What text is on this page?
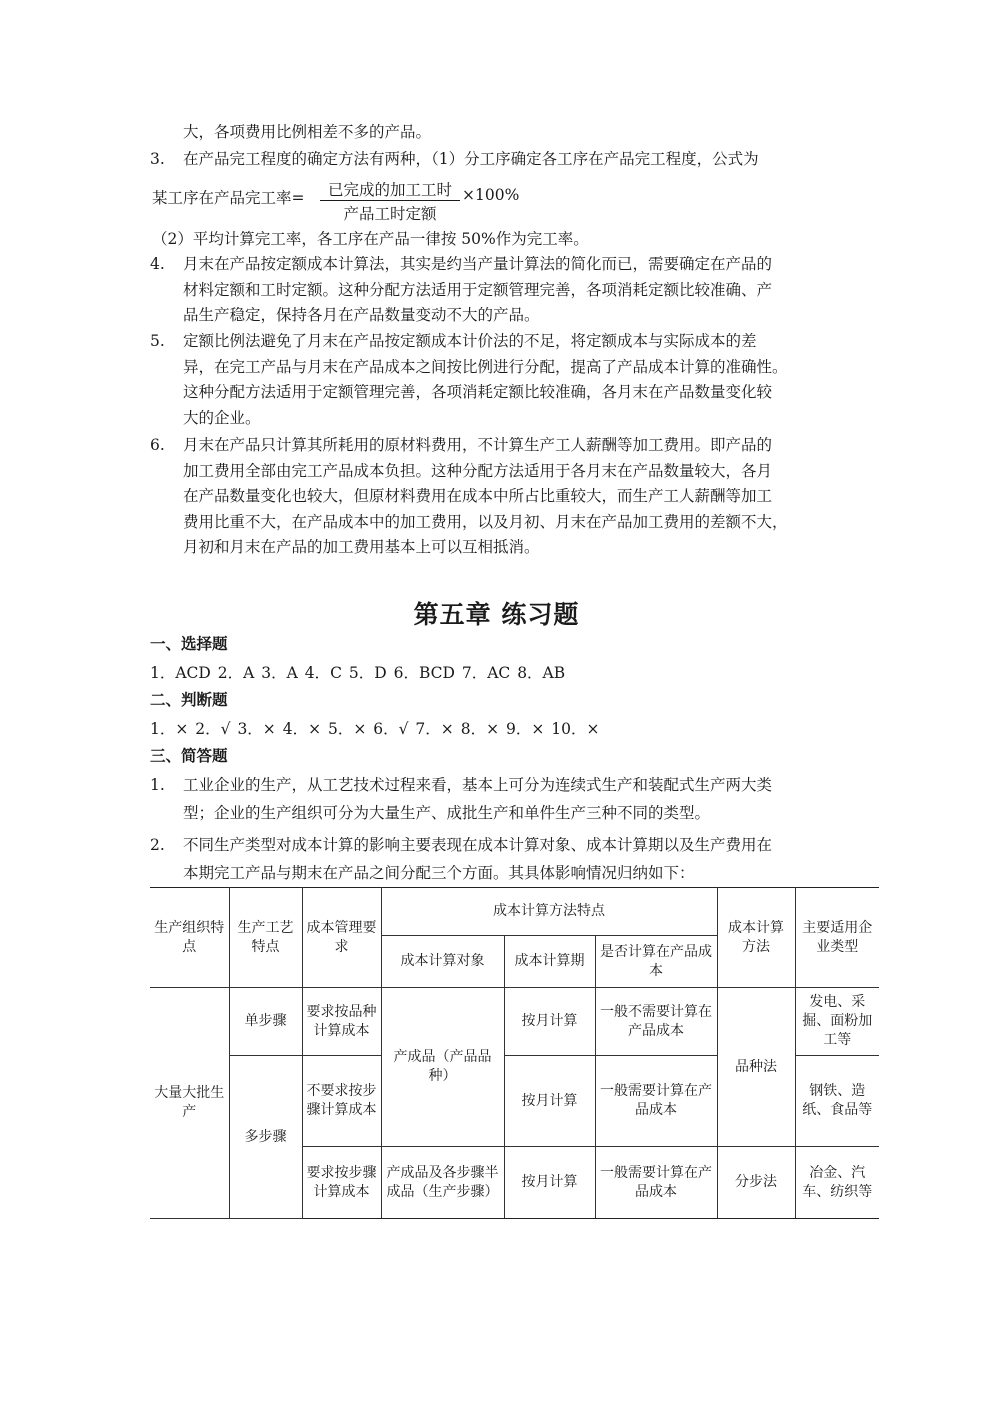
大，各项费用比例相差不多的产品。
3. 在产品完工程度的确定方法有两种，（1）分工序确定各工序在产品完工程度，公式为
某工序在产品完工率=	已完成的加工工时
产品工时定额
×100%
（2）平均计算完工率，各工序在产品一律按 50%作为完工率。
4. 月末在产品按定额成本计算法，其实是约当产量计算法的简化而已，需要确定在产品的
材料定额和工时定额。这种分配方法适用于定额管理完善，各项消耗定额比较准确、产
品生产稳定，保持各月在产品数量变动不大的产品。
5. 定额比例法避免了月末在产品按定额成本计价法的不足，将定额成本与实际成本的差
异，在完工产品与月末在产品成本之间按比例进行分配，提高了产品成本计算的准确性。
这种分配方法适用于定额管理完善，各项消耗定额比较准确，各月末在产品数量变化较
大的企业。
6. 月末在产品只计算其所耗用的原材料费用，不计算生产工人薪酬等加工费用。即产品的
加工费用全部由完工产品成本负担。这种分配方法适用于各月末在产品数量较大，各月
在产品数量变化也较大，但原材料费用在成本中所占比重较大，而生产工人薪酬等加工
费用比重不大，在产品成本中的加工费用，以及月初、月末在产品加工费用的差额不大，
月初和月末在产品的加工费用基本上可以互相抵消。
第五章 练习题
一、选择题
1．ACD 2．A 3．A 4．C 5．D 6．BCD 7．AC 8．AB
二、判断题
1．× 2．√ 3．× 4．× 5．× 6．√ 7．× 8．× 9．× 10．×
三、简答题
1. 工业企业的生产，从工艺技术过程来看，基本上可分为连续式生产和装配式生产两大类
型；企业的生产组织可分为大量生产、成批生产和单件生产三种不同的类型。
2. 不同生产类型对成本计算的影响主要表现在成本计算对象、成本计算期以及生产费用在
本期完工产品与期末在产品之间分配三个方面。其具体影响情况归纳如下：
生产组织特点	生产工艺特点	成本管理要求	成本计算方法特点			成本计算方法	主要适用企业类型
			成本计算对象	成本计算期	是否计算在产品成本		
大量大批生产	单步骤	要求按品种计算成本	产成品（产品品种）	按月计算	一般不需要计算在产品成本	品种法	发电、采掘、面粉加工等
	多步骤	不要求按步骤计算成本		按月计算	一般需要计算在产品成本		钢铁、造纸、食品等
		要求按步骤计算成本	产成品及各步骤半成品（生产步骤）	按月计算	一般需要计算在产品成本	分步法	冶金、汽车、纺织等
